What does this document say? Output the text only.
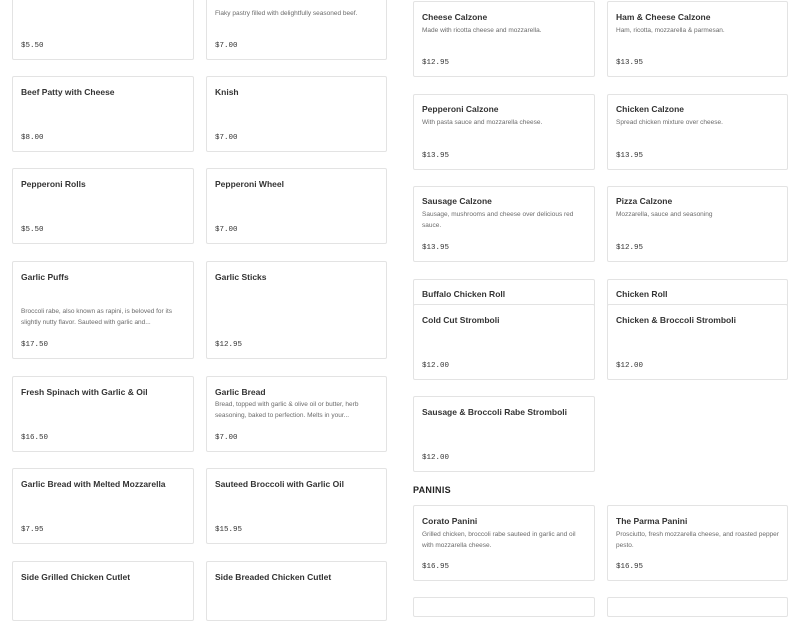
$5.50
Flaky pastry filled with delightfully seasoned beef.
$7.00
Beef Patty with Cheese
$8.00
Knish
$7.00
Pepperoni Rolls
$5.50
Pepperoni Wheel
$7.00
Garlic Puffs
Broccoli rabe, also known as rapini, is beloved for its slightly nutty flavor. Sauteed with garlic and...
$17.50
Garlic Sticks
$12.95
Fresh Spinach with Garlic & Oil
$16.50
Garlic Bread
Bread, topped with garlic & olive oil or butter, herb seasoning, baked to perfection. Melts in your...
$7.00
Garlic Bread with Melted Mozzarella
$7.95
Sauteed Broccoli with Garlic Oil
$15.95
Side Grilled Chicken Cutlet	Side Breaded Chicken Cutlet
Cheese Calzone
Made with ricotta cheese and mozzarella.
$12.95
Ham & Cheese Calzone
Ham, ricotta, mozzarella & parmesan.
$13.95
Pepperoni Calzone
With pasta sauce and mozzarella cheese.
$13.95
Chicken Calzone
Spread chicken mixture over cheese.
$13.95
Sausage Calzone
Sausage, mushrooms and cheese over delicious red sauce.
$13.95
Pizza Calzone
Mozzarella, sauce and seasoning
$12.95
Buffalo Chicken Roll	Chicken Roll
Cold Cut Stromboli
$12.00
Chicken & Broccoli Stromboli
$12.00
Sausage & Broccoli Rabe Stromboli
$12.00
PANINIS
Corato Panini
Grilled chicken, broccoli rabe sauteed in garlic and oil with mozzarella cheese.
$16.95
The Parma Panini
Prosciutto, fresh mozzarella cheese, and roasted pepper pesto.
$16.95
